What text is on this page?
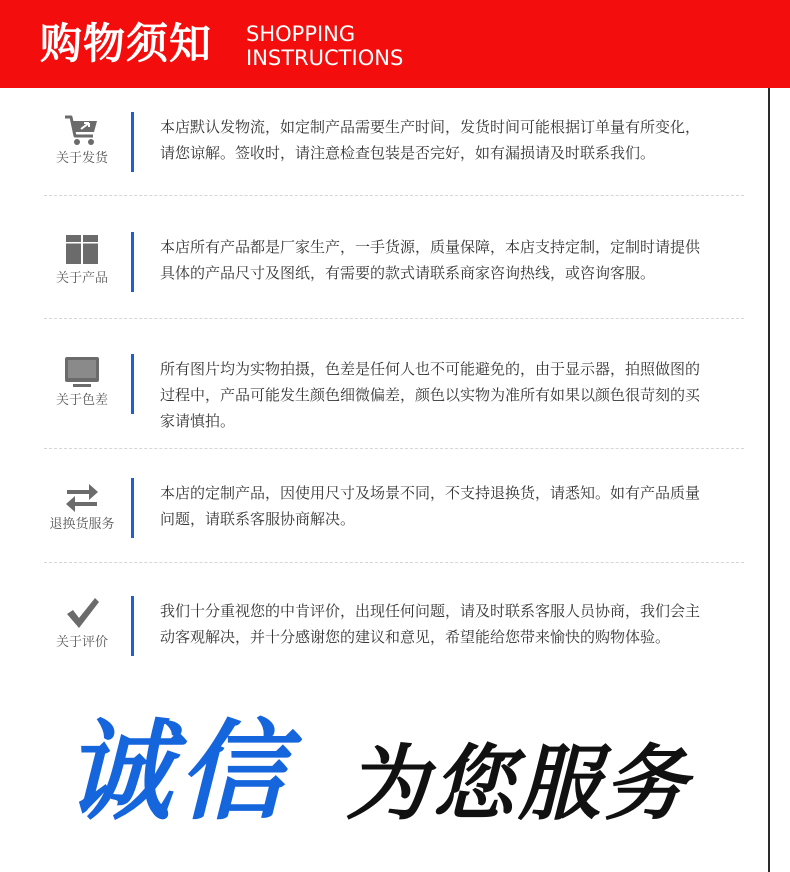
购物须知 SHOPPING
INSTRUCTIONS
关于发货
本店默认发物流，如定制产品需要生产时间，发货时间可能根据订单量有所变化，
请您谅解。签收时，请注意检查包装是否完好，如有漏损请及时联系我们。
关于产品
本店所有产品都是厂家生产，一手货源，质量保障，本店支持定制，定制时请提供
具体的产品尺寸及图纸，有需要的款式请联系商家咨询热线，或咨询客服。
关于色差
所有图片均为实物拍摄，色差是任何人也不可能避免的，由于显示器，拍照做图的
过程中，产品可能发生颜色细微偏差，颜色以实物为准所有如果以颜色很苛刻的买
家请慎拍。
退换货服务
本店的定制产品，因使用尺寸及场景不同，不支持退换货，请悉知。如有产品质量
问题，请联系客服协商解决。
关于评价
我们十分重视您的中肯评价，出现任何问题，请及时联系客服人员协商，我们会主
动客观解决，并十分感谢您的建议和意见，希望能给您带来愉快的购物体验。
诚信 为您服务
